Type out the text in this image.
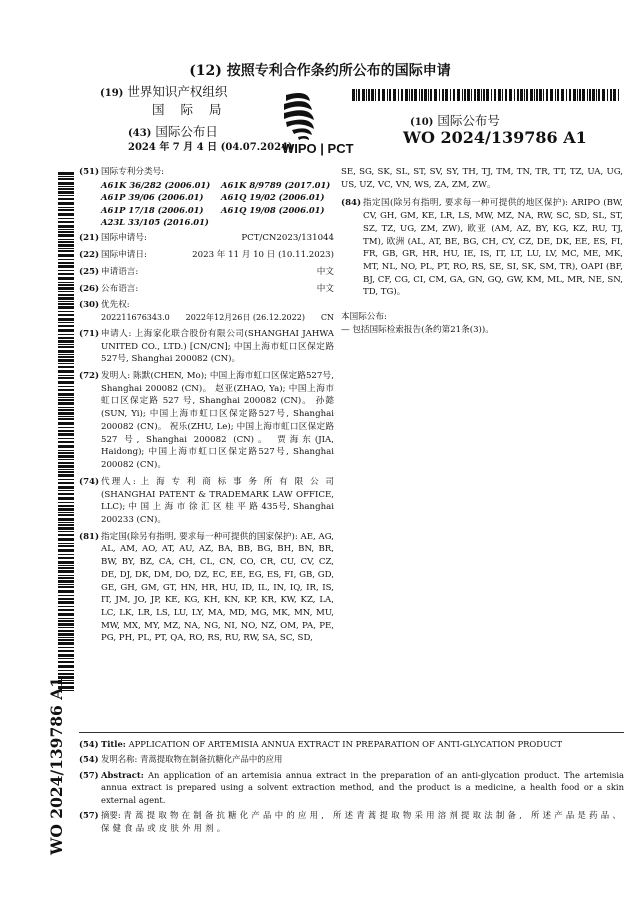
(12) 按照专利合作条约所公布的国际申请
(19) 世界知识产权组织
国 际 局
(43) 国际公布日
2024 年 7 月 4 日 (04.07.2024)
WIPO | PCT
(10) 国际公布号
WO 2024/139786 A1
WO 2024/139786 A1
(51) 国际专利分类号:
A61K 36/282 (2006.01)	A61K 8/9789 (2017.01)
A61P 39/06 (2006.01)	A61Q 19/02 (2006.01)
A61P 17/18 (2006.01)	A61Q 19/08 (2006.01)
A23L 33/105 (2016.01)
(21) 国际申请号:	PCT/CN2023/131044
(22) 国际申请日:	2023 年 11 月 10 日 (10.11.2023)
(25) 申请语言:	中文
(26) 公布语言:	中文
(30) 优先权:
202211676343.0 2022年12月26日 (26.12.2022) CN
(71) 申请人: 上海家化联合股份有限公司(SHANGHAI JAHWA UNITED CO., LTD.) [CN/CN]; 中国上海市虹口区保定路527号, Shanghai 200082 (CN)。
(72) 发明人: 陈默(CHEN, Mo); 中国上海市虹口区保定路527号, Shanghai 200082 (CN)。 赵亚(ZHAO, Ya); 中国上海市虹口区保定路 527 号, Shanghai 200082 (CN)。 孙懿(SUN, Yi); 中国上海市虹口区保定路527号, Shanghai 200082 (CN)。 祝乐(ZHU, Le); 中国上海市虹口区保定路 527 号, Shanghai 200082 (CN)。 贾海东(JIA, Haidong); 中国上海市虹口区保定路527号, Shanghai 200082 (CN)。
(74) 代理人: 上 海 专 利 商 标 事 务 所 有 限 公 司 (SHANGHAI PATENT & TRADEMARK LAW OFFICE, LLC); 中 国 上 海 市 徐 汇 区 桂 平 路 435号, Shanghai 200233 (CN)。
(81) 指定国(除另有指明, 要求每一种可提供的国家保护): AE, AG, AL, AM, AO, AT, AU, AZ, BA, BB, BG, BH, BN, BR, BW, BY, BZ, CA, CH, CL, CN, CO, CR, CU, CV, CZ, DE, DJ, DK, DM, DO, DZ, EC, EE, EG, ES, FI, GB, GD, GE, GH, GM, GT, HN, HR, HU, ID, IL, IN, IQ, IR, IS, IT, JM, JO, JP, KE, KG, KH, KN, KP, KR, KW, KZ, LA, LC, LK, LR, LS, LU, LY, MA, MD, MG, MK, MN, MU, MW, MX, MY, MZ, NA, NG, NI, NO, NZ, OM, PA, PE, PG, PH, PL, PT, QA, RO, RS, RU, RW, SA, SC, SD,
SE, SG, SK, SL, ST, SV, SY, TH, TJ, TM, TN, TR, TT, TZ, UA, UG, US, UZ, VC, VN, WS, ZA, ZM, ZW。
(84) 指定国(除另有指明, 要求每一种可提供的地区保护): ARIPO (BW, CV, GH, GM, KE, LR, LS, MW, MZ, NA, RW, SC, SD, SL, ST, SZ, TZ, UG, ZM, ZW), 欧亚 (AM, AZ, BY, KG, KZ, RU, TJ, TM), 欧洲 (AL, AT, BE, BG, CH, CY, CZ, DE, DK, EE, ES, FI, FR, GB, GR, HR, HU, IE, IS, IT, LT, LU, LV, MC, ME, MK, MT, NL, NO, PL, PT, RO, RS, SE, SI, SK, SM, TR), OAPI (BF, BJ, CF, CG, CI, CM, GA, GN, GQ, GW, KM, ML, MR, NE, SN, TD, TG)。
本国际公布:
— 包括国际检索报告(条约第21条(3))。
(54) Title: APPLICATION OF ARTEMISIA ANNUA EXTRACT IN PREPARATION OF ANTI-GLYCATION PRODUCT
(54) 发明名称: 青蒿提取物在制备抗糖化产品中的应用
(57) Abstract: An application of an artemisia annua extract in the preparation of an anti-glycation product. The artemisia annua extract is prepared using a solvent extraction method, and the product is a medicine, a health food or a skin external agent.
(57) 摘要: 青蒿提取物在制备抗糖化产品中的应用, 所述青蒿提取物采用溶剂提取法制备, 所述产品是药品、保健食品或皮肤外用剂。
